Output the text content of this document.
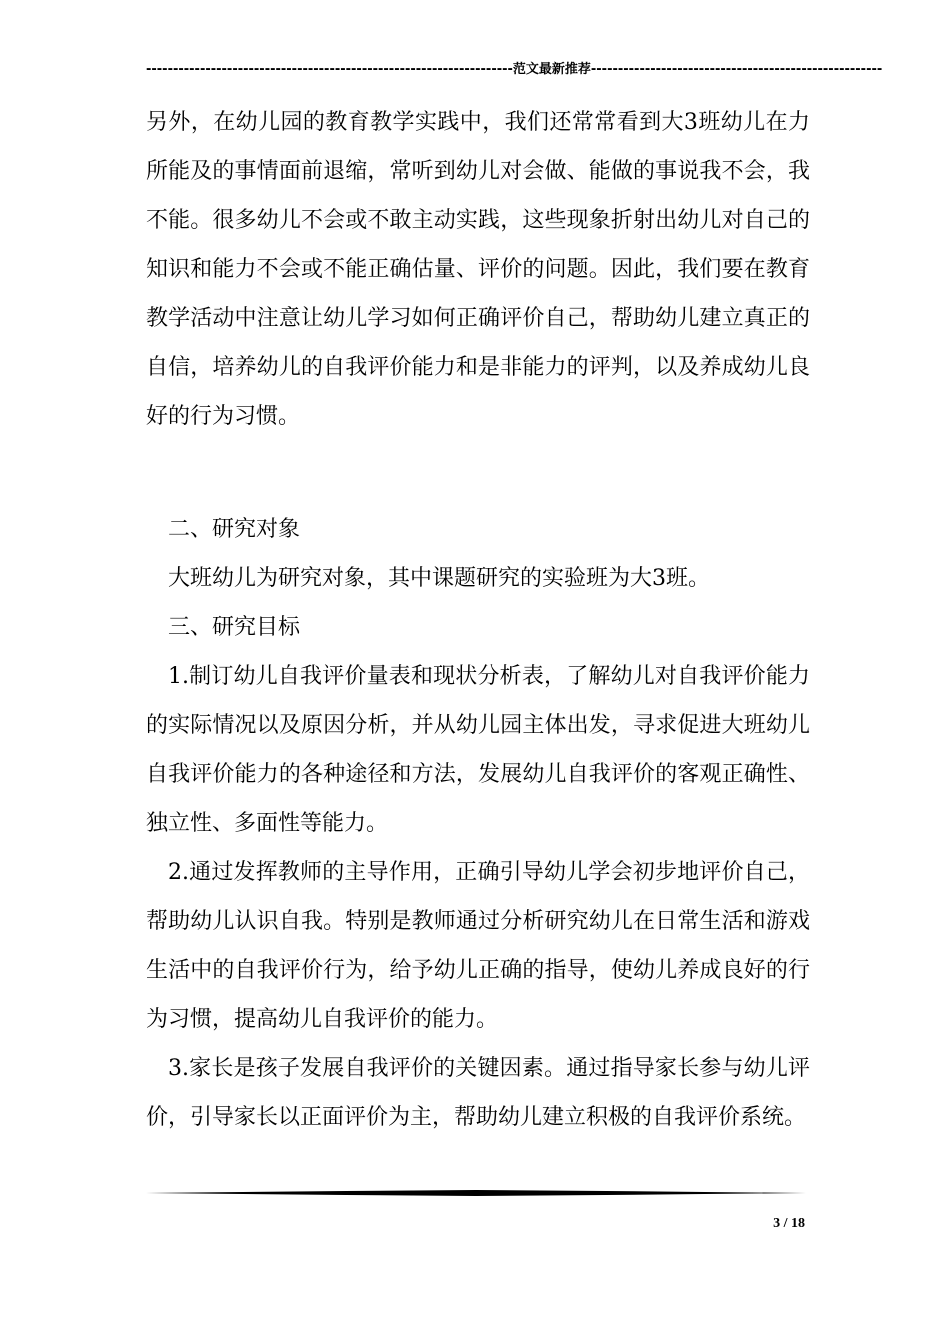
--------------------------------------------------------------------范文最新推荐------------------------------------------------------

另外，在幼儿园的教育教学实践中，我们还常常看到大3班幼儿在力所能及的事情面前退缩，常听到幼儿对会做、能做的事说我不会，我不能。很多幼儿不会或不敢主动实践，这些现象折射出幼儿对自己的知识和能力不会或不能正确估量、评价的问题。因此，我们要在教育教学活动中注意让幼儿学习如何正确评价自己，帮助幼儿建立真正的自信，培养幼儿的自我评价能力和是非能力的评判，以及养成幼儿良好的行为习惯。

二、研究对象

大班幼儿为研究对象，其中课题研究的实验班为大3班。

三、研究目标

1.制订幼儿自我评价量表和现状分析表，了解幼儿对自我评价能力的实际情况以及原因分析，并从幼儿园主体出发，寻求促进大班幼儿自我评价能力的各种途径和方法，发展幼儿自我评价的客观正确性、独立性、多面性等能力。

2.通过发挥教师的主导作用，正确引导幼儿学会初步地评价自己，帮助幼儿认识自我。特别是教师通过分析研究幼儿在日常生活和游戏生活中的自我评价行为，给予幼儿正确的指导，使幼儿养成良好的行为习惯，提高幼儿自我评价的能力。

3.家长是孩子发展自我评价的关键因素。通过指导家长参与幼儿评价，引导家长以正面评价为主，帮助幼儿建立积极的自我评价系统。

3 / 18
